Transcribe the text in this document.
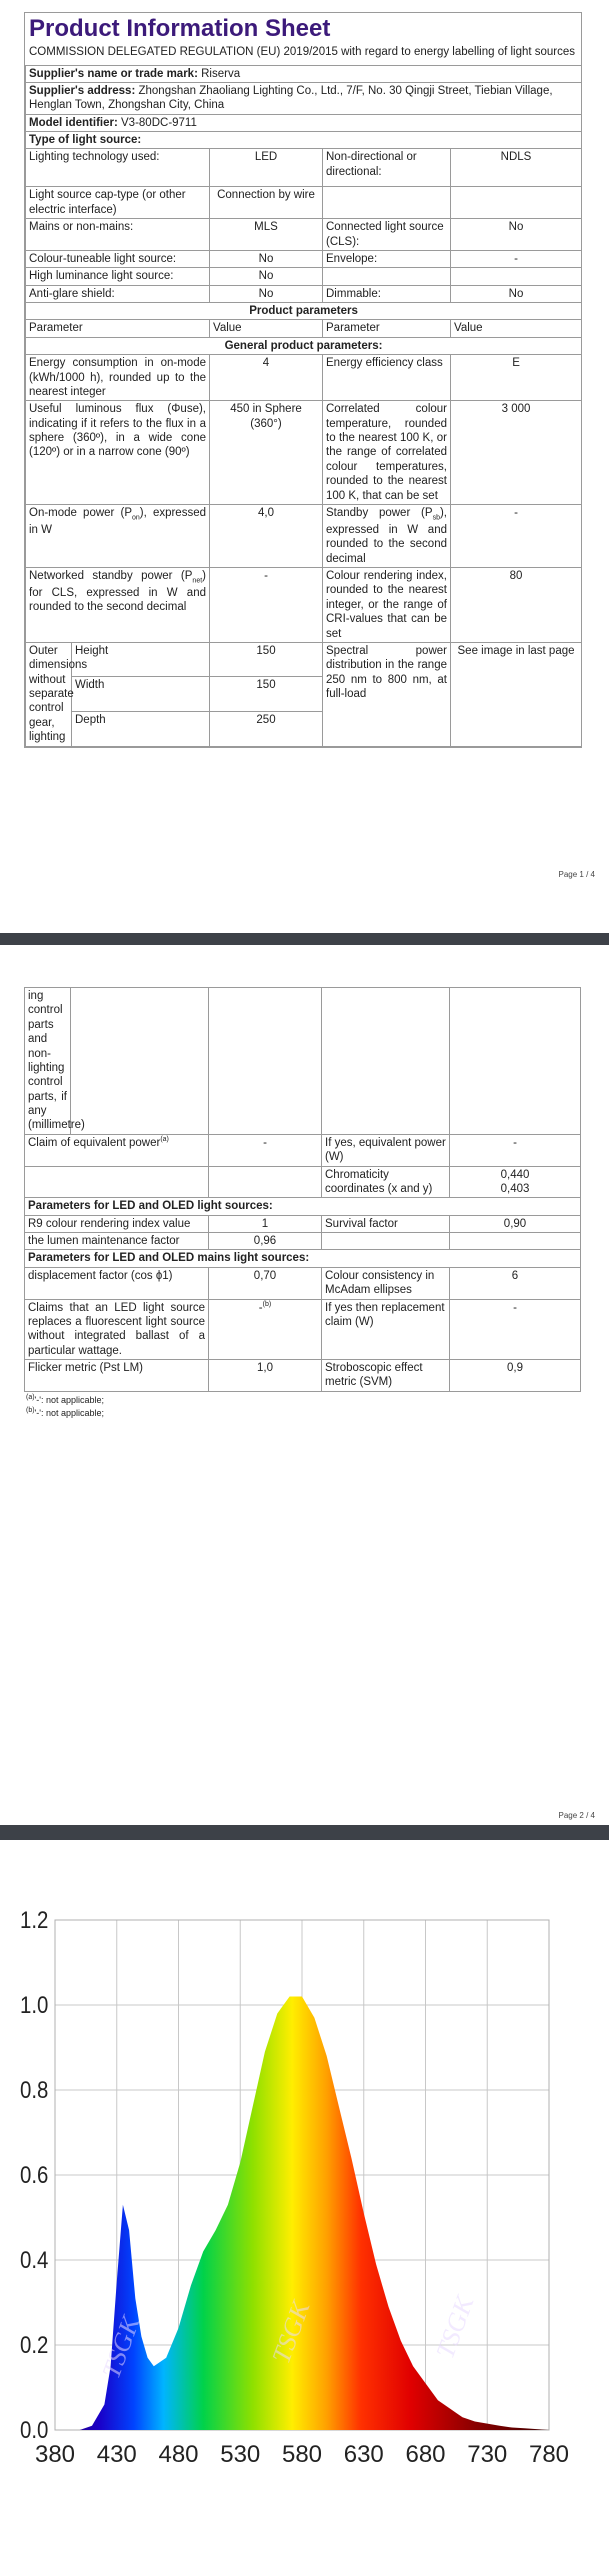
Product Information Sheet
COMMISSION DELEGATED REGULATION (EU) 2019/2015 with regard to energy labelling of light sources
Supplier's name or trade mark: Riserva				
Supplier's address: Zhongshan Zhaoliang Lighting Co., Ltd., 7/F, No. 30 Qingji Street, Tiebian Village, Henglan Town, Zhongshan City, China				
Model identifier: V3-80DC-9711				
Type of light source:				
Lighting technology used:		LED	Non-directional or directional:	NDLS
Light source cap-type (or other electric interface)		Connection by wire		
Mains or non-mains:		MLS	Connected light source (CLS):	No
Colour-tuneable light source:		No	Envelope:	-
High luminance light source:		No		
Anti-glare shield:		No	Dimmable:	No
Product parameters				
Parameter		Value	Parameter	Value
General product parameters:				
Energy consumption in on-mode (kWh/1000 h), rounded up to the nearest integer		4	Energy efficiency class	E
Useful luminous flux (Φuse), indicating if it refers to the flux in a sphere (360º), in a wide cone (120º) or in a narrow cone (90º)		450 in Sphere (360°)	Correlated colour temperature, rounded to the nearest 100 K, or the range of correlated colour temperatures, rounded to the nearest 100 K, that can be set	3 000
On-mode power $(P_{on})$, expressed in W		4,0	Standby power $(P_{sb})$, expressed in W and rounded to the second decimal	-
Networked standby power $(P_{net})$ for CLS, expressed in W and rounded to the second decimal		-	Colour rendering index, rounded to the nearest integer, or the range of CRI-values that can be set	80
Outer dimensions without separate control gear, lighting	Height	150	Spectral power distribution in the range 250 nm to 800 nm, at full-load	See image in last page
	Width	150		
	Depth	250		
Page 1 / 4
ing control parts and non-lighting control parts, if any (millimetre)				
Claim of equivalent power$^{(a)}$		-	If yes, equivalent power (W)	-
			Chromaticity coordinates (x and y)	0,440
0,403
Parameters for LED and OLED light sources:				
R9 colour rendering index value		1	Survival factor	0,90
the lumen maintenance factor		0,96		
Parameters for LED and OLED mains light sources:				
displacement factor (cos ϕ1)		0,70	Colour consistency in McAdam ellipses	6
Claims that an LED light source replaces a fluorescent light source without integrated ballast of a particular wattage.		-$^{(b)}$	If yes then replacement claim (W)	-
Flicker metric (Pst LM)		1,0	Stroboscopic effect metric (SVM)	0,9
$^{(a)}$'-': not applicable;
$^{(b)}$'-': not applicable;
Page 2 / 4
TSGK	TSGK	TSGK
0.0
0.2
0.4
0.6
0.8
1.0
1.2
380 430 480 530 580 630 680 730 780
